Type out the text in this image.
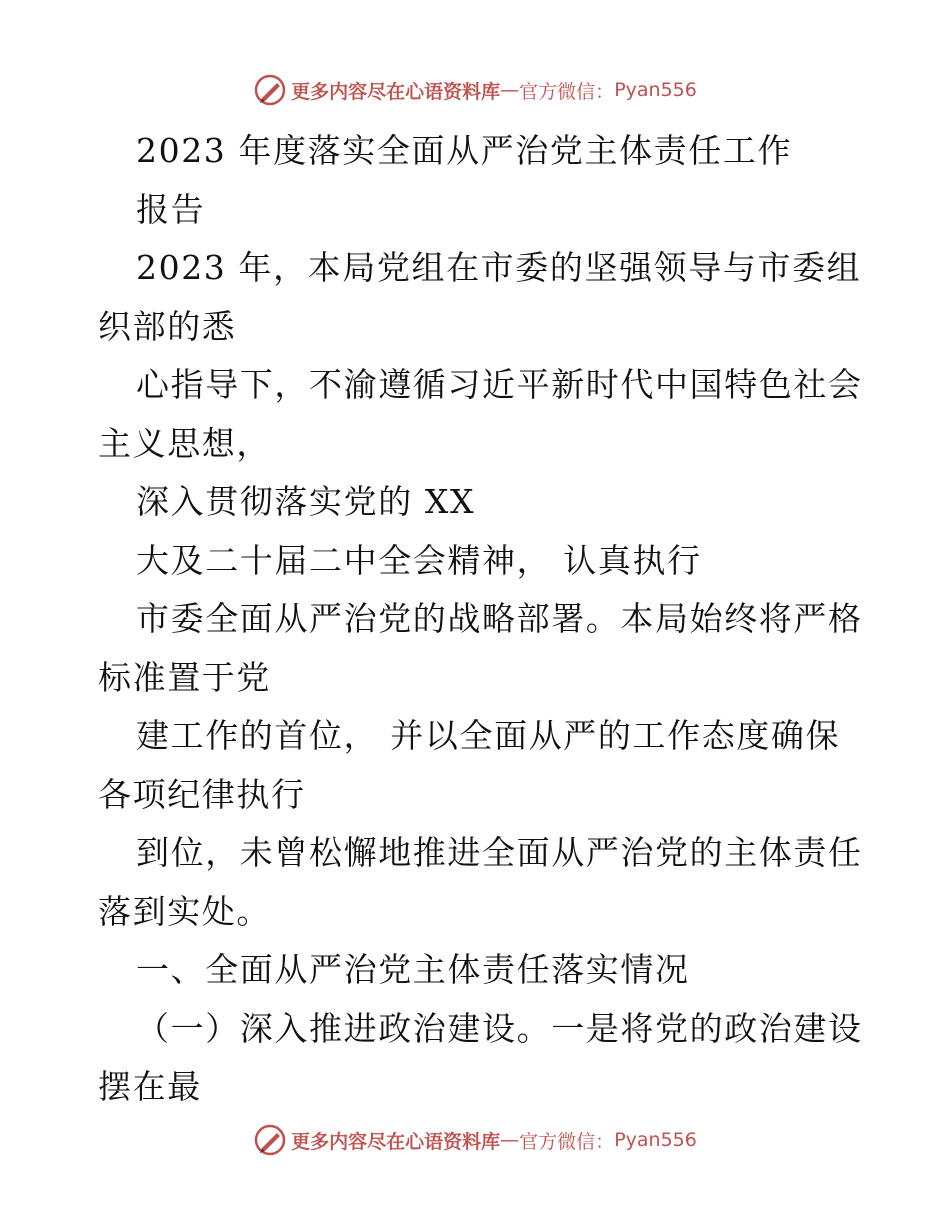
更多内容尽在心语资料库 — 官方微信： Pyan556
2023 年度落实全面从严治党主体责任工作
报告
2023 年，本局党组在市委的坚强领导与市委组
织部的悉
心指导下，不渝遵循习近平新时代中国特色社会
主义思想，
深入贯彻落实党的 XX
大及二十届二中全会精神， 认真执行
市委全面从严治党的战略部署。本局始终将严格
标准置于党
建工作的首位， 并以全面从严的工作态度确保
各项纪律执行
到位，未曾松懈地推进全面从严治党的主体责任
落到实处。
一、全面从严治党主体责任落实情况
（一）深入推进政治建设。一是将党的政治建设
摆在最
更多内容尽在心语资料库 — 官方微信： Pyan556
